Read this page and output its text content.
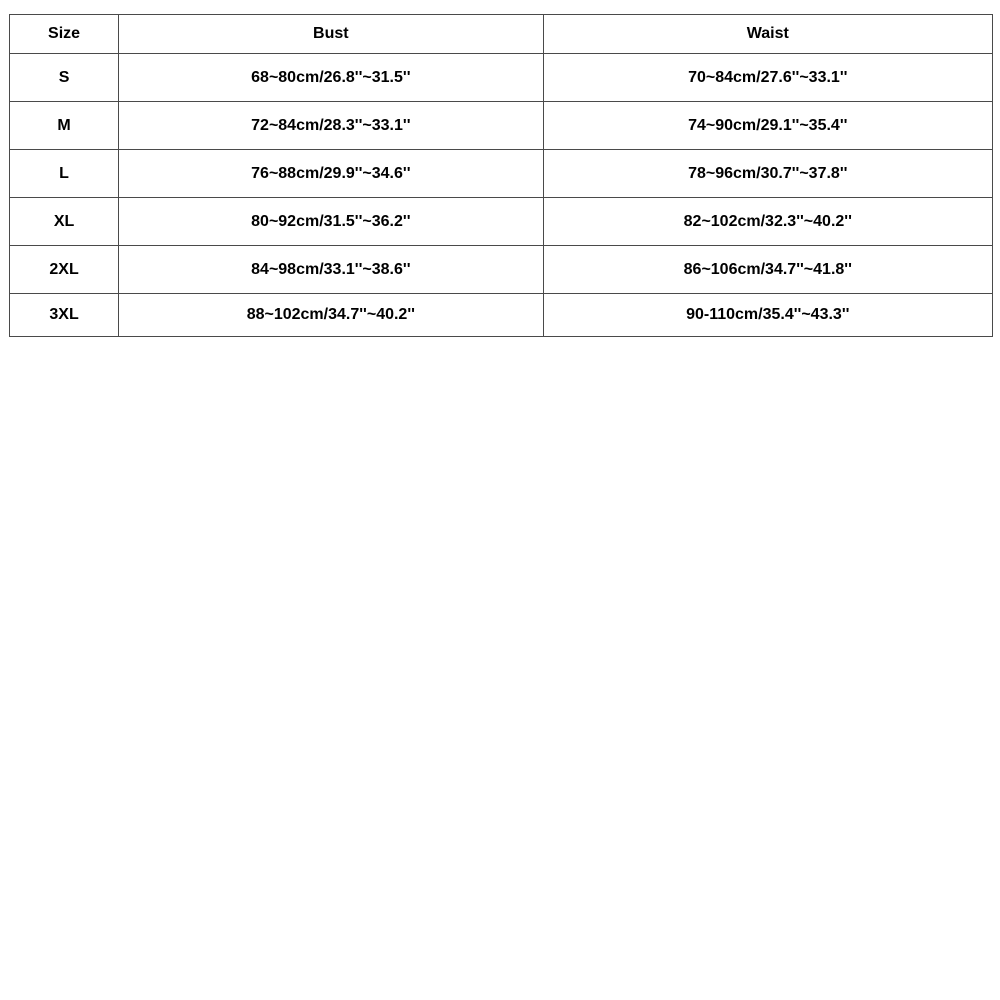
Size	Bust	Waist
S	68~80cm/26.8''~31.5''	70~84cm/27.6''~33.1''
M	72~84cm/28.3''~33.1''	74~90cm/29.1''~35.4''
L	76~88cm/29.9''~34.6''	78~96cm/30.7''~37.8''
XL	80~92cm/31.5''~36.2''	82~102cm/32.3''~40.2''
2XL	84~98cm/33.1''~38.6''	86~106cm/34.7''~41.8''
3XL	88~102cm/34.7''~40.2''	90-110cm/35.4''~43.3''
